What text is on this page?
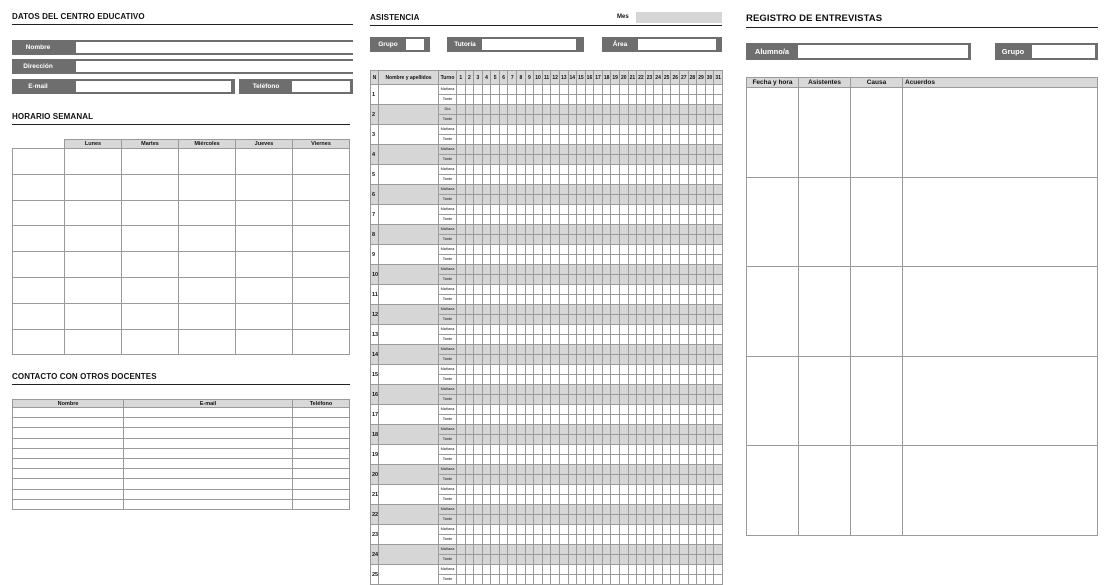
DATOS DEL CENTRO EDUCATIVO
Nombre
Dirección
E-mail	Teléfono
HORARIO SEMANAL
	Lunes	Martes	Miércoles	Jueves	Viernes

CONTACTO CON OTROS DOCENTES
Nombre	E-mail	Teléfono

ASISTENCIA	Mes
Grupo	Tutoría	Área
N	Nombre y apellidos	Turno	1	2	3	4	5	6	7	8	9	10	11	12	13	14	15	16	17	18	19	20	21	22	23	24	25	26	27	28	29	30	31
1		Mañana																															
		Tarde																															
2		Día																															
		Tarde																															
3		Mañana																															
		Tarde																															
4		Mañana																															
		Tarde																															
5		Mañana																															
		Tarde																															
6		Mañana																															
		Tarde																															
7		Mañana																															
		Tarde																															
8		Mañana																															
		Tarde																															
9		Mañana																															
		Tarde																															
10		Mañana																															
		Tarde																															
11		Mañana																															
		Tarde																															
12		Mañana																															
		Tarde																															
13		Mañana																															
		Tarde																															
14		Mañana																															
		Tarde																															
15		Mañana																															
		Tarde																															
16		Mañana																															
		Tarde																															
17		Mañana																															
		Tarde																															
18		Mañana																															
		Tarde																															
19		Mañana																															
		Tarde																															
20		Mañana																															
		Tarde																															
21		Mañana																															
		Tarde																															
22		Mañana																															
		Tarde																															
23		Mañana																															
		Tarde																															
24		Mañana																															
		Tarde																															
25		Mañana																															
		Tarde																															
REGISTRO DE ENTREVISTAS
Alumno/a	Grupo
Fecha y hora	Asistentes	Causa	Acuerdos
